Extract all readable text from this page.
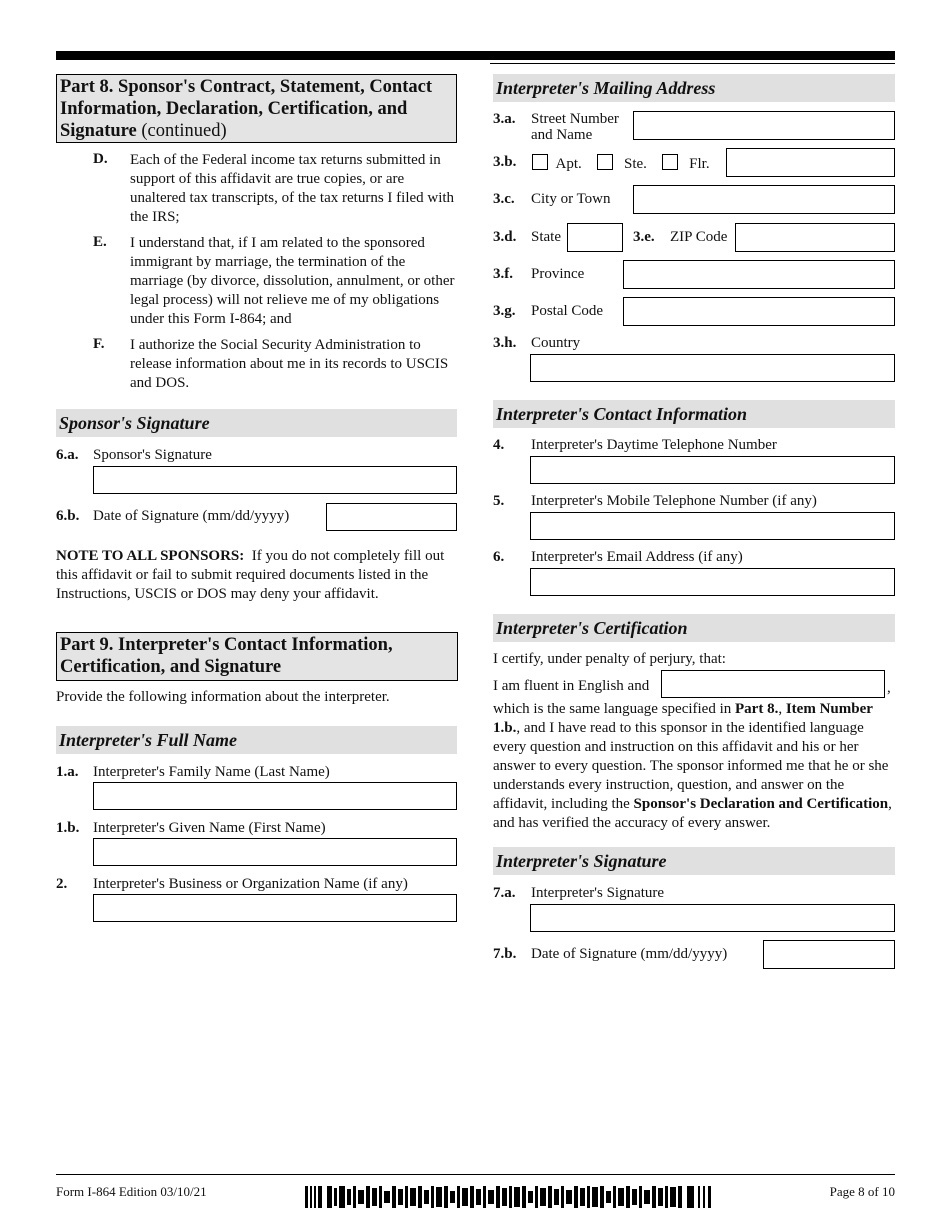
Part 8. Sponsor's Contract, Statement, Contact
Information, Declaration, Certification, and
Signature (continued)
D. Each of the Federal income tax returns submitted in support of this affidavit are true copies, or are unaltered tax transcripts, of the tax returns I filed with the IRS;
E. I understand that, if I am related to the sponsored immigrant by marriage, the termination of the marriage (by divorce, dissolution, annulment, or other legal process) will not relieve me of my obligations under this Form I-864; and
F. I authorize the Social Security Administration to release information about me in its records to USCIS and DOS.
Sponsor's Signature
6.a. Sponsor's Signature
6.b. Date of Signature (mm/dd/yyyy)
NOTE TO ALL SPONSORS: If you do not completely fill out this affidavit or fail to submit required documents listed in the Instructions, USCIS or DOS may deny your affidavit.
Part 9. Interpreter's Contact Information,
Certification, and Signature
Provide the following information about the interpreter.
Interpreter's Full Name
1.a. Interpreter's Family Name (Last Name)
1.b. Interpreter's Given Name (First Name)
2. Interpreter's Business or Organization Name (if any)
Interpreter's Mailing Address
3.a. Street Number
and Name
3.b.	Apt.	Ste.	Flr.
3.c. City or Town
3.d. State	3.e. ZIP Code
3.f. Province
3.g. Postal Code
3.h. Country
Interpreter's Contact Information
4. Interpreter's Daytime Telephone Number
5. Interpreter's Mobile Telephone Number (if any)
6. Interpreter's Email Address (if any)
Interpreter's Certification
I certify, under penalty of perjury, that:
I am fluent in English and	,
which is the same language specified in Part 8., Item Number 1.b., and I have read to this sponsor in the identified language every question and instruction on this affidavit and his or her answer to every question. The sponsor informed me that he or she understands every instruction, question, and answer on the affidavit, including the Sponsor's Declaration and Certification, and has verified the accuracy of every answer.
Interpreter's Signature
7.a. Interpreter's Signature
7.b. Date of Signature (mm/dd/yyyy)
Form I-864 Edition 03/10/21	Page 8 of 10
